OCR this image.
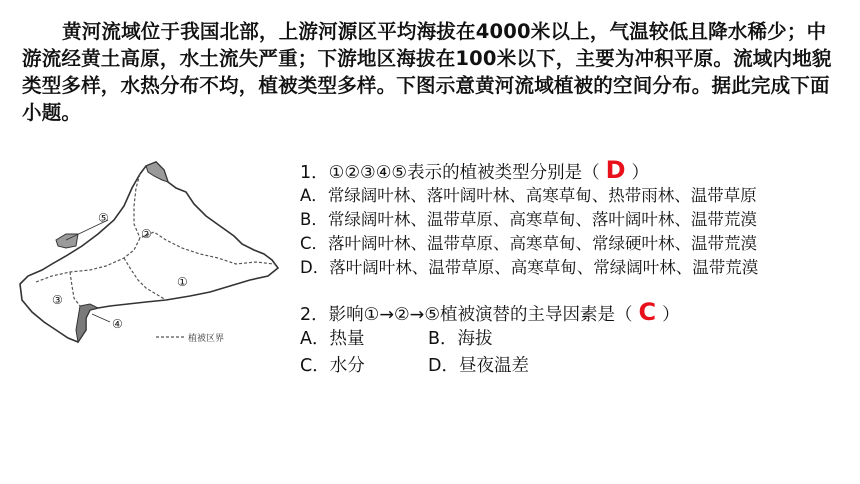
黄河流域位于我国北部，上游河源区平均海拔在4000米以上，气温较低且降水稀少；中游流经黄土高原，水土流失严重；下游地区海拔在100米以下，主要为冲积平原。流域内地貌类型多样，水热分布不均，植被类型多样。下图示意黄河流域植被的空间分布。据此完成下面小题。
①
②
③
④
⑤
植被区界
1．①②③④⑤表示的植被类型分别是（ D ）
A．常绿阔叶林、落叶阔叶林、高寒草甸、热带雨林、温带草原
B．常绿阔叶林、温带草原、高寒草甸、落叶阔叶林、温带荒漠
C．落叶阔叶林、温带草原、高寒草甸、常绿硬叶林、温带荒漠
D．落叶阔叶林、温带草原、高寒草甸、常绿阔叶林、温带荒漠
2．影响①→②→⑤植被演替的主导因素是（ C ）
A．热量	B．海拔
C．水分	D．昼夜温差
